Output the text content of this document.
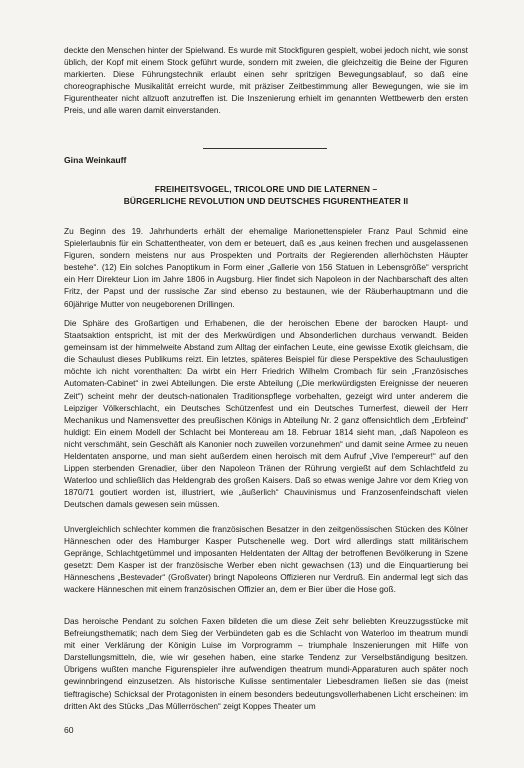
deckte den Menschen hinter der Spielwand. Es wurde mit Stockfiguren gespielt, wobei jedoch nicht, wie sonst üblich, der Kopf mit einem Stock geführt wurde, sondern mit zweien, die gleichzeitig die Beine der Figuren markierten. Diese Führungstechnik erlaubt einen sehr spritzigen Bewegungsablauf, so daß eine choreographische Musikalität erreicht wurde, mit präziser Zeitbestimmung aller Bewegungen, wie sie im Figurentheater nicht allzuoft anzutreffen ist. Die Inszenierung erhielt im genannten Wettbewerb den ersten Preis, und alle waren damit einverstanden.

Gina Weinkauff

FREIHEITSVOGEL, TRICOLORE UND DIE LATERNEN –
BÜRGERLICHE REVOLUTION UND DEUTSCHES FIGURENTHEATER II

Zu Beginn des 19. Jahrhunderts erhält der ehemalige Marionettenspieler Franz Paul Schmid eine Spielerlaubnis für ein Schattentheater, von dem er beteuert, daß es „aus keinen frechen und ausgelassenen Figuren, sondern meistens nur aus Prospekten und Portraits der Regierenden allerhöchsten Häupter bestehe“. (12) Ein solches Panoptikum in Form einer „Gallerie von 156 Statuen in Lebensgröße“ verspricht ein Herr Direkteur Lion im Jahre 1806 in Augsburg. Hier findet sich Napoleon in der Nachbarschaft des alten Fritz, der Papst und der russische Zar sind ebenso zu bestaunen, wie der Räuberhauptmann und die 60jährige Mutter von neugeborenen Drillingen.

Die Sphäre des Großartigen und Erhabenen, die der heroischen Ebene der barocken Haupt- und Staatsaktion entspricht, ist mit der des Merkwürdigen und Absonderlichen durchaus verwandt. Beiden gemeinsam ist der himmelweite Abstand zum Alltag der einfachen Leute, eine gewisse Exotik gleichsam, die die Schaulust dieses Publikums reizt. Ein letztes, späteres Beispiel für diese Perspektive des Schaulustigen möchte ich nicht vorenthalten: Da wirbt ein Herr Friedrich Wilhelm Crombach für sein „Französisches Automaten-Cabinet“ in zwei Abteilungen. Die erste Abteilung („Die merkwürdigsten Ereignisse der neueren Zeit“) scheint mehr der deutsch-nationalen Traditionspflege vorbehalten, gezeigt wird unter anderem die Leipziger Völkerschlacht, ein Deutsches Schützenfest und ein Deutsches Turnerfest, dieweil der Herr Mechanikus und Namensvetter des preußischen Königs in Abteilung Nr. 2 ganz offensichtlich dem „Erbfeind“ huldigt: Ein einem Modell der Schlacht bei Montereau am 18. Februar 1814 sieht man, „daß Napoleon es nicht verschmäht, sein Geschäft als Kanonier noch zuweilen vorzunehmen“ und damit seine Armee zu neuen Heldentaten ansporne, und man sieht außerdem einen heroisch mit dem Aufruf „Vive l'empereur!“ auf den Lippen sterbenden Grenadier, über den Napoleon Tränen der Rührung vergießt auf dem Schlachtfeld zu Waterloo und schließlich das Heldengrab des großen Kaisers. Daß so etwas wenige Jahre vor dem Krieg von 1870/71 goutiert worden ist, illustriert, wie „äußerlich“ Chauvinismus und Franzosenfeindschaft vielen Deutschen damals gewesen sein müssen.

Unvergleichlich schlechter kommen die französischen Besatzer in den zeitgenössischen Stücken des Kölner Hänneschen oder des Hamburger Kasper Putschenelle weg. Dort wird allerdings statt militärischem Gepränge, Schlachtgetümmel und imposanten Heldentaten der Alltag der betroffenen Bevölkerung in Szene gesetzt: Dem Kasper ist der französische Werber eben nicht gewachsen (13) und die Einquartierung bei Hänneschens „Bestevader“ (Großvater) bringt Napoleons Offizieren nur Verdruß. Ein andermal legt sich das wackere Hänneschen mit einem französischen Offizier an, dem er Bier über die Hose goß.

Das heroische Pendant zu solchen Faxen bildeten die um diese Zeit sehr beliebten Kreuzzugsstücke mit Befreiungsthematik; nach dem Sieg der Verbündeten gab es die Schlacht von Waterloo im theatrum mundi mit einer Verklärung der Königin Luise im Vorprogramm – triumphale Inszenierungen mit Hilfe von Darstellungsmitteln, die, wie wir gesehen haben, eine starke Tendenz zur Verselbständigung besitzen. Übrigens wußten manche Figurenspieler ihre aufwendigen theatrum mundi-Apparaturen auch später noch gewinnbringend einzusetzen. Als historische Kulisse sentimentaler Liebesdramen ließen sie das (meist tieftragische) Schicksal der Protagonisten in einem besonders bedeutungsvollerhabenen Licht erscheinen: im dritten Akt des Stücks „Das Müllerröschen“ zeigt Koppes Theater um

60
